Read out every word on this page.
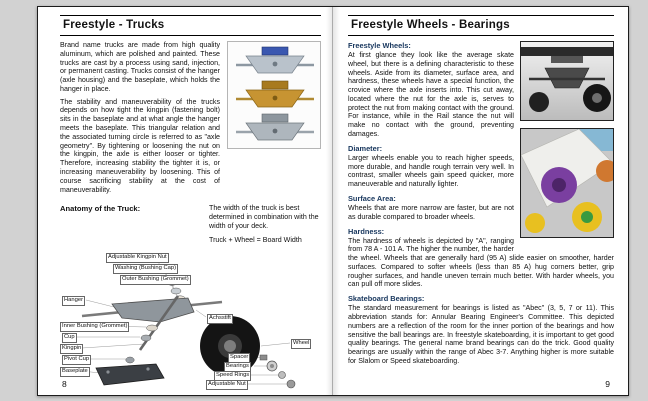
Freestyle - Trucks

Brand name trucks are made from high quality aluminum, which are polished and painted. These trucks are cast by a process using sand, injection, or permanent casting. Trucks consist of the hanger (axle housing) and the baseplate, which holds the hanger in place.

The stability and maneuverability of the trucks depends on how tight the kingpin (fastening bolt) sits in the baseplate and at what angle the hanger meets the baseplate. This triangular relation and the associated turning circle is referred to as "axle geometry". By tightening or loosening the nut on the kingpin, the axle is either looser or tighter. Therefore, increasing stability the tighter it is, or increasing maneuverability by loosening. This of course sacrificing stability at the cost of maneuverability.

Anatomy of the Truck:	The width of the truck is best determined in combination with the width of your deck.

Truck + Wheel = Board Width

Adjustable Kingpin Nut
Washing (Bushing Cap)
Outer Bushing (Grommet)
Hanger
Achsstift
Inner Bushing (Grommet)
Cup
Kingpin
Pivot Cup
Baseplate
Wheel
Spacer
Bearings
Speed Rings
Adjustable Nut
8
Freestyle Wheels - Bearings
Freestyle Wheels:

At first glance they look like the average skate wheel, but there is a defining characteristic to these wheels. Aside from its diameter, surface area, and hardness, these wheels have a special function, the crovice where the axle inserts into. This cut away, located where the nut for the axle is, serves to protect the nut from making contact with the ground. For instance, while in the Rail stance the nut will make no contact with the ground, preventing damages.

Diameter:

Larger wheels enable you to reach higher speeds, more durable, and handle rough terrain very well. In contrast, smaller wheels gain speed quicker, more maneuverable and naturally lighter.

Surface Area:

Wheels that are more narrow are faster, but are not as durable compared to broader wheels.

Hardness:

The hardness of wheels is depicted by "A", ranging from 78 A - 101 A. The higher the number, the harder the wheel. Wheels that are generally hard (95 A) slide easier on smoother, harder surfaces. Compared to softer wheels (less than 85 A) hug corners better, grip rougher surfaces, and handle uneven terrain much better. With harder wheels, you can pull off more slides.

Skateboard Bearings:

The standard measurement for bearings is listed as "Abec" (3, 5, 7 or 11). This abbreviation stands for: Annular Bearing Engineer's Committee. This depicted numbers are a reflection of the room for the inner portion of the bearings and how sensitive the ball bearings are. In freestyle skateboarding, it is important to get good quality bearings. The general name brand bearings can do the trick. Good quality bearings are usually within the range of Abec 3-7. Anything higher is more suitable for Slalom or Speed skateboarding.

9
